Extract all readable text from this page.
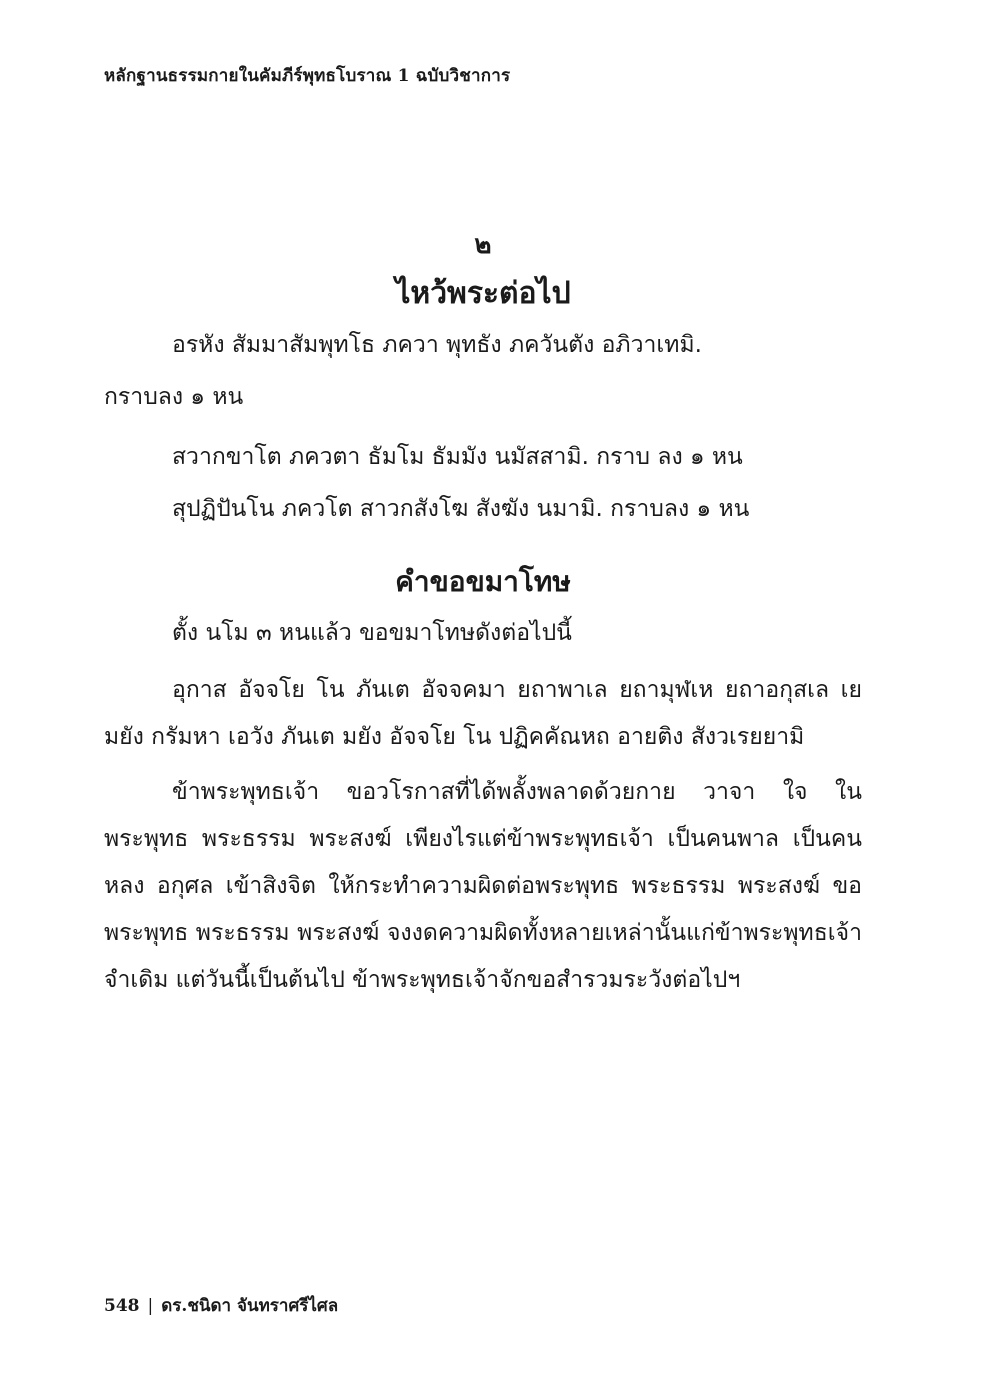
หลักฐานธรรมกายในคัมภีร์พุทธโบราณ 1 ฉบับวิชาการ

๒

ไหว้พระต่อไป

อรหัง สัมมาสัมพุทโธ ภควา พุทธัง ภควันตัง อภิวาเทมิ.

กราบลง ๑ หน

สวากขาโต ภควตา ธัมโม ธัมมัง นมัสสามิ. กราบ ลง ๑ หน

สุปฏิปันโน ภควโต สาวกสังโฆ สังฆัง นมามิ. กราบลง ๑ หน

คำขอขมาโทษ

ตั้ง นโม ๓ หนแล้ว ขอขมาโทษดังต่อไปนี้

อุกาส อัจจโย โน ภันเต อัจจคมา ยถาพาเล ยถามุฬเห ยถาอกุสเล เย มยัง กรัมหา เอวัง ภันเต มยัง อัจจโย โน ปฏิคคัณหถ อายติง สังวเรยยามิ

ข้าพระพุทธเจ้า ขอวโรกาสที่ได้พลั้งพลาดด้วยกาย วาจา ใจ ในพระพุทธ พระธรรม พระสงฆ์ เพียงไรแต่ข้าพระพุทธเจ้า เป็นคนพาล เป็นคนหลง อกุศล เข้าสิงจิต ให้กระทำความผิดต่อพระพุทธ พระธรรม พระสงฆ์ ขอพระพุทธ พระธรรม พระสงฆ์ จงงดความผิดทั้งหลายเหล่านั้นแก่ข้าพระพุทธเจ้า จำเดิม แต่วันนี้เป็นต้นไป ข้าพระพุทธเจ้าจักขอสำรวมระวังต่อไปฯ

548 | ดร.ชนิดา จันทราศรีไศล
